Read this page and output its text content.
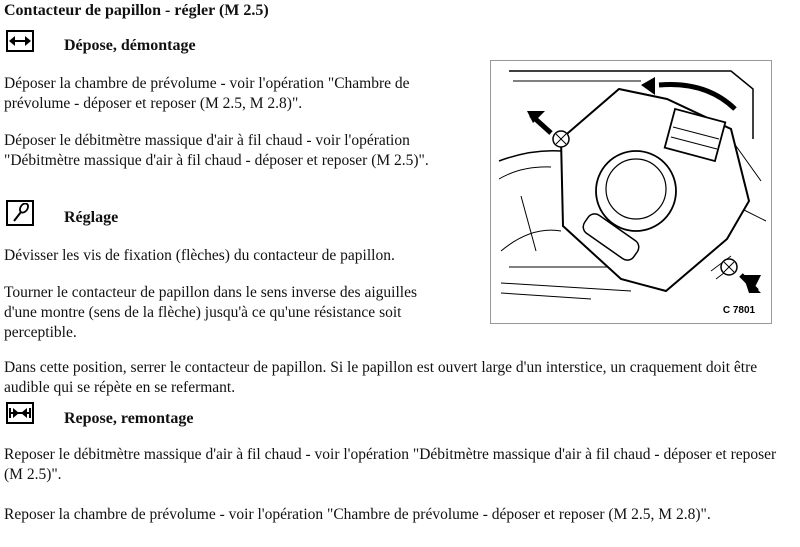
Contacteur de papillon - régler (M 2.5)
Dépose, démontage
Déposer la chambre de prévolume - voir l'opération "Chambre de prévolume - déposer et reposer (M 2.5, M 2.8)".
Déposer le débitmètre massique d'air à fil chaud - voir l'opération "Débitmètre massique d'air à fil chaud - déposer et reposer (M 2.5)".
Réglage
Dévisser les vis de fixation (flèches) du contacteur de papillon.
Tourner le contacteur de papillon dans le sens inverse des aiguilles d'une montre (sens de la flèche) jusqu'à ce qu'une résistance soit perceptible.
Dans cette position, serrer le contacteur de papillon. Si le papillon est ouvert large d'un interstice, un craquement doit être audible qui se répète en se refermant.
Repose, remontage
Reposer le débitmètre massique d'air à fil chaud - voir l'opération "Débitmètre massique d'air à fil chaud - déposer et reposer (M 2.5)".
Reposer la chambre de prévolume - voir l'opération "Chambre de prévolume - déposer et reposer (M 2.5, M 2.8)".
C 7801
